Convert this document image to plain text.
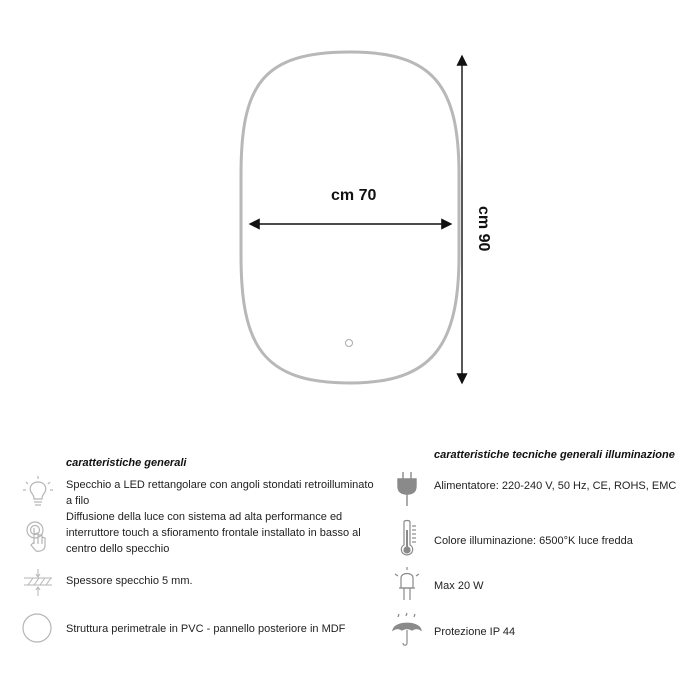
cm 70
cm 90
caratteristiche generali
Specchio a LED rettangolare con angoli stondati retroilluminato a filo
Diffusione della luce con sistema ad alta performance ed interruttore touch a sfioramento frontale installato in basso al centro dello specchio
Spessore specchio 5 mm.
Struttura perimetrale in PVC - pannello posteriore in MDF
caratteristiche tecniche generali illuminazione
Alimentatore: 220-240 V, 50 Hz, CE, ROHS, EMC
Colore illuminazione: 6500°K luce fredda
Max 20 W
Protezione IP 44
